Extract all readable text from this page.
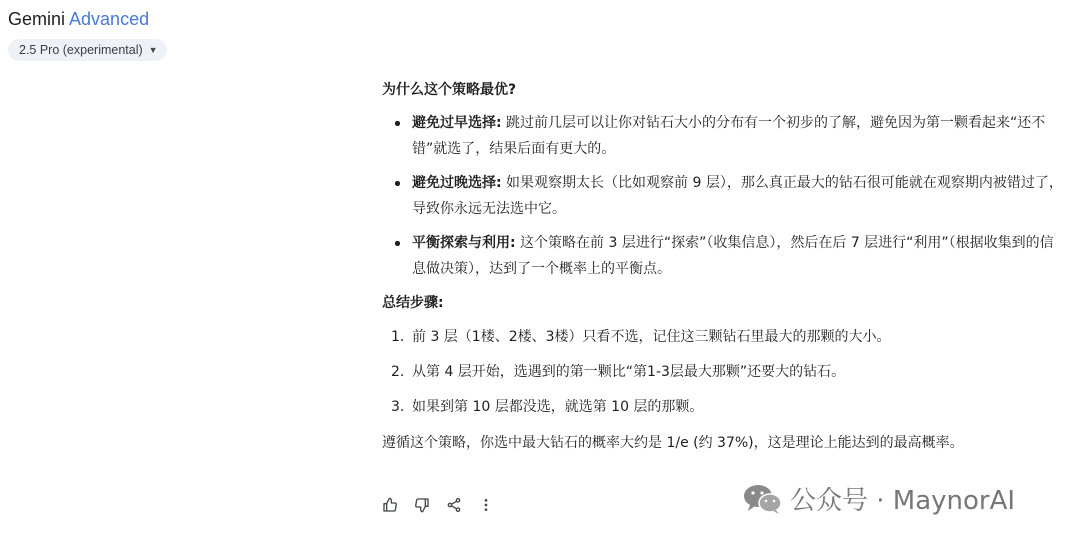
Gemini Advanced
2.5 Pro (experimental) ▼

为什么这个策略最优?

避免过早选择: 跳过前几层可以让你对钻石大小的分布有一个初步的了解，避免因为第一颗看起来“还不错”就选了，结果后面有更大的。
避免过晚选择: 如果观察期太长（比如观察前 9 层），那么真正最大的钻石很可能就在观察期内被错过了，导致你永远无法选中它。
平衡探索与利用: 这个策略在前 3 层进行“探索”（收集信息），然后在后 7 层进行“利用”（根据收集到的信息做决策），达到了一个概率上的平衡点。

总结步骤:

1. 前 3 层（1楼、2楼、3楼）只看不选，记住这三颗钻石里最大的那颗的大小。
2. 从第 4 层开始，选遇到的第一颗比“第1-3层最大那颗”还要大的钻石。
3. 如果到第 10 层都没选，就选第 10 层的那颗。

遵循这个策略，你选中最大钻石的概率大约是 1/e (约 37%)，这是理论上能达到的最高概率。

公众号 · MaynorAI
